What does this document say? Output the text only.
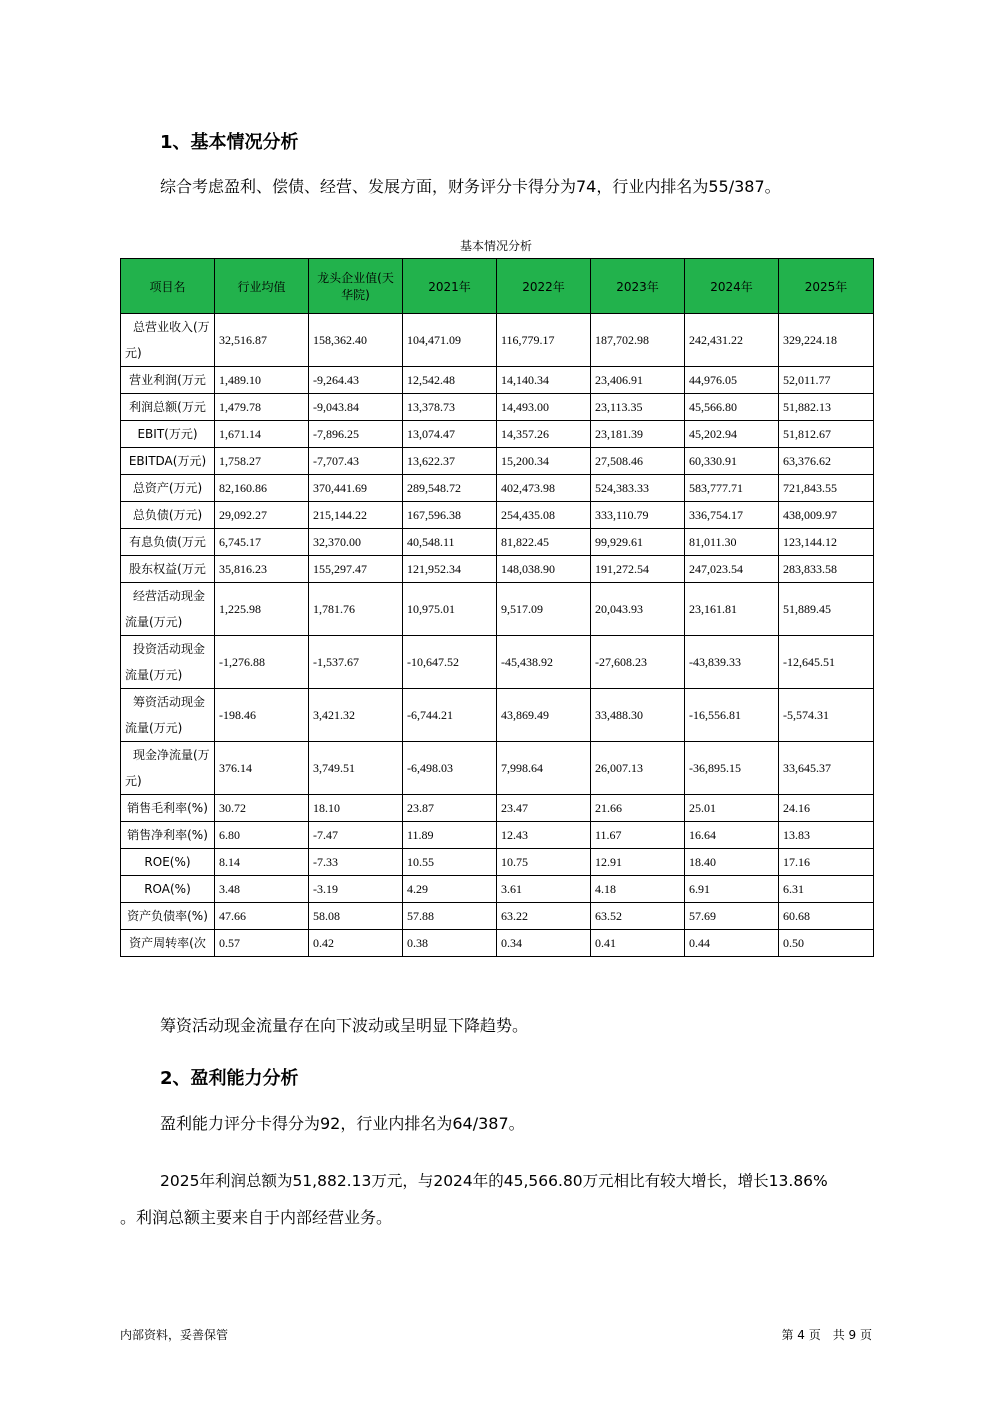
1、基本情况分析
综合考虑盈利、偿债、经营、发展方面，财务评分卡得分为74，行业内排名为55/387。
基本情况分析
项目名	行业均值	龙头企业值(天华院)	2021年	2022年	2023年	2024年	2025年
总营业收入(万元)	32,516.87	158,362.40	104,471.09	116,779.17	187,702.98	242,431.22	329,224.18
营业利润(万元	1,489.10	-9,264.43	12,542.48	14,140.34	23,406.91	44,976.05	52,011.77
利润总额(万元	1,479.78	-9,043.84	13,378.73	14,493.00	23,113.35	45,566.80	51,882.13
EBIT(万元)	1,671.14	-7,896.25	13,074.47	14,357.26	23,181.39	45,202.94	51,812.67
EBITDA(万元)	1,758.27	-7,707.43	13,622.37	15,200.34	27,508.46	60,330.91	63,376.62
总资产(万元)	82,160.86	370,441.69	289,548.72	402,473.98	524,383.33	583,777.71	721,843.55
总负债(万元)	29,092.27	215,144.22	167,596.38	254,435.08	333,110.79	336,754.17	438,009.97
有息负债(万元	6,745.17	32,370.00	40,548.11	81,822.45	99,929.61	81,011.30	123,144.12
股东权益(万元	35,816.23	155,297.47	121,952.34	148,038.90	191,272.54	247,023.54	283,833.58
经营活动现金流量(万元)	1,225.98	1,781.76	10,975.01	9,517.09	20,043.93	23,161.81	51,889.45
投资活动现金流量(万元)	-1,276.88	-1,537.67	-10,647.52	-45,438.92	-27,608.23	-43,839.33	-12,645.51
筹资活动现金流量(万元)	-198.46	3,421.32	-6,744.21	43,869.49	33,488.30	-16,556.81	-5,574.31
现金净流量(万元)	376.14	3,749.51	-6,498.03	7,998.64	26,007.13	-36,895.15	33,645.37
销售毛利率(%)	30.72	18.10	23.87	23.47	21.66	25.01	24.16
销售净利率(%)	6.80	-7.47	11.89	12.43	11.67	16.64	13.83
ROE(%)	8.14	-7.33	10.55	10.75	12.91	18.40	17.16
ROA(%)	3.48	-3.19	4.29	3.61	4.18	6.91	6.31
资产负债率(%)	47.66	58.08	57.88	63.22	63.52	57.69	60.68
资产周转率(次	0.57	0.42	0.38	0.34	0.41	0.44	0.50
筹资活动现金流量存在向下波动或呈明显下降趋势。
2、盈利能力分析
盈利能力评分卡得分为92，行业内排名为64/387。
2025年利润总额为51,882.13万元，与2024年的45,566.80万元相比有较大增长，增长13.86%
。利润总额主要来自于内部经营业务。
内部资料，妥善保管	第 4 页　共 9 页
